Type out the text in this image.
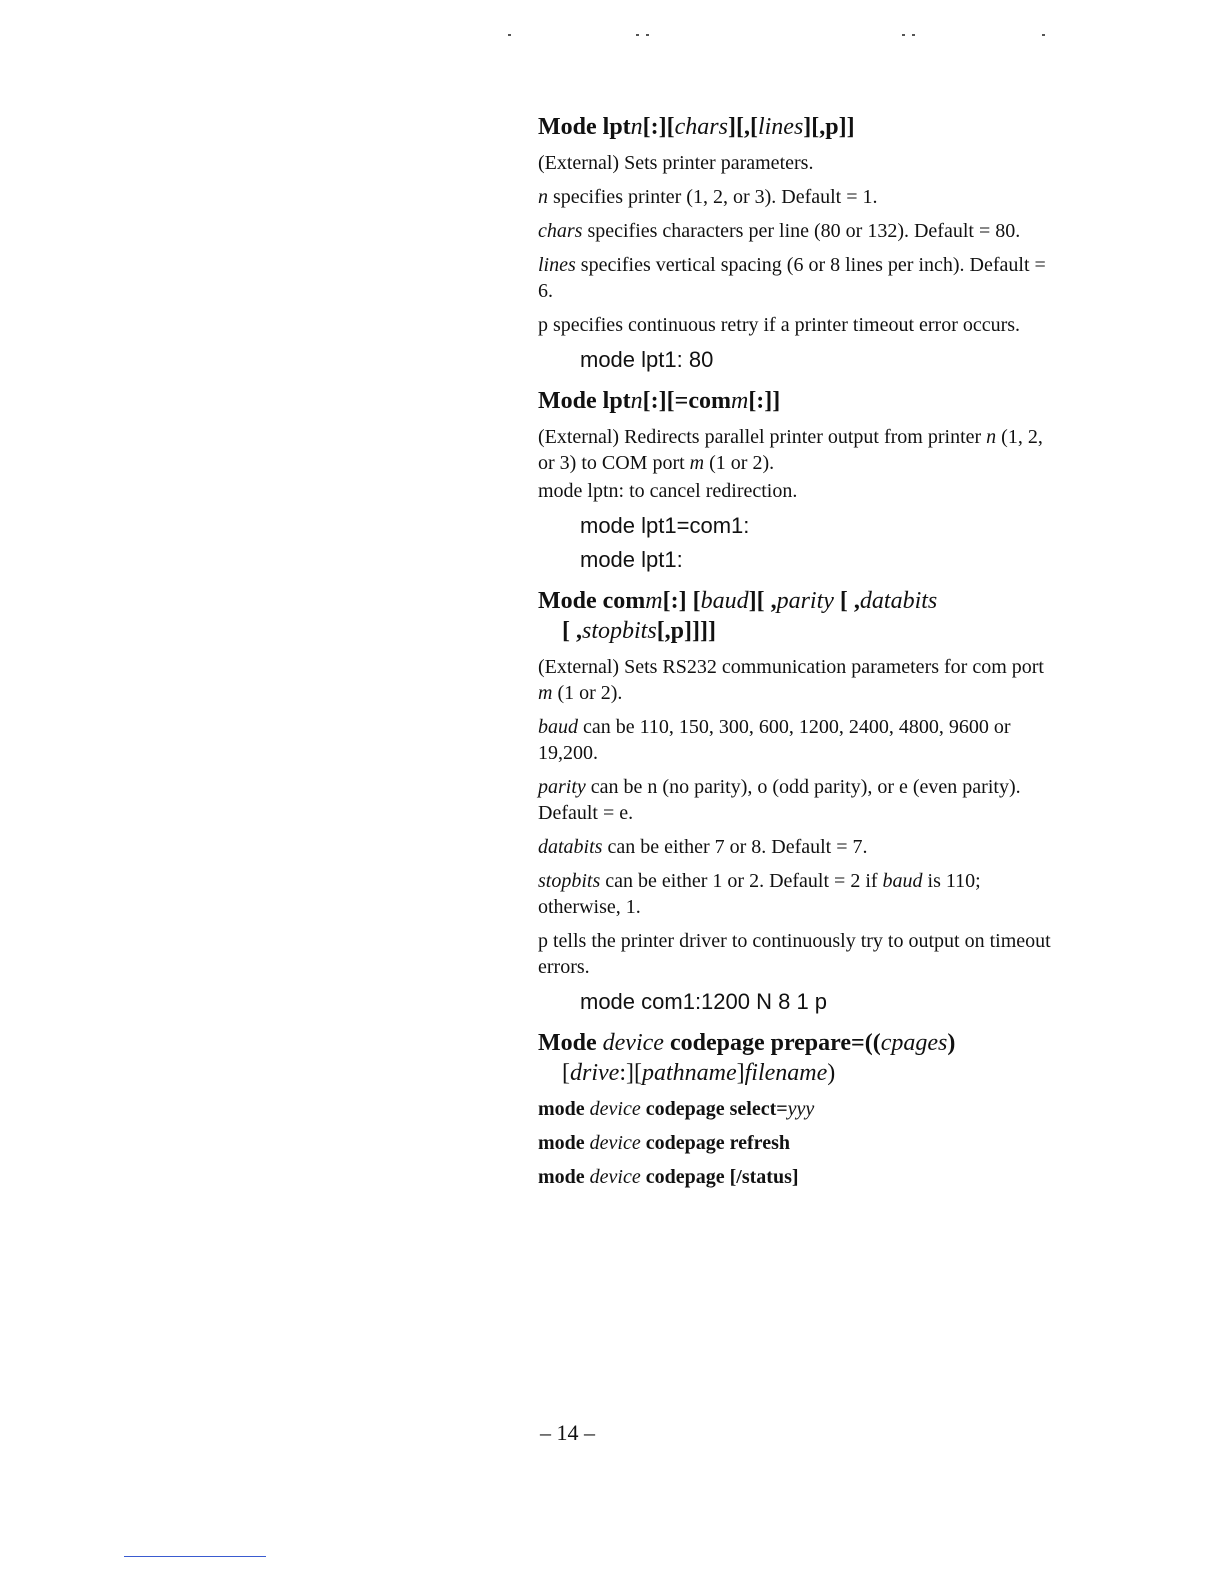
Mode lptn[:][chars][,[lines][,p]]
(External) Sets printer parameters.
n specifies printer (1, 2, or 3). Default = 1.
chars specifies characters per line (80 or 132). Default = 80.
lines specifies vertical spacing (6 or 8 lines per inch). Default = 6.
p specifies continuous retry if a printer timeout error occurs.
mode lpt1: 80
Mode lptn[:][=comm[:]]
(External) Redirects parallel printer output from printer n (1, 2, or 3) to COM port m (1 or 2).
mode lptn: to cancel redirection.
mode lpt1=com1:
mode lpt1:
Mode comm[:] [baud][ ,parity [ ,databits
[ ,stopbits[,p]]]]
(External) Sets RS232 communication parameters for com port m (1 or 2).
baud can be 110, 150, 300, 600, 1200, 2400, 4800, 9600 or 19,200.
parity can be n (no parity), o (odd parity), or e (even parity). Default = e.
databits can be either 7 or 8. Default = 7.
stopbits can be either 1 or 2. Default = 2 if baud is 110; otherwise, 1.
p tells the printer driver to continuously try to output on timeout errors.
mode com1:1200 N 8 1 p
Mode device codepage prepare=((cpages)
[drive:][pathname]filename)
mode device codepage select=yyy
mode device codepage refresh
mode device codepage [/status]
– 14 –
